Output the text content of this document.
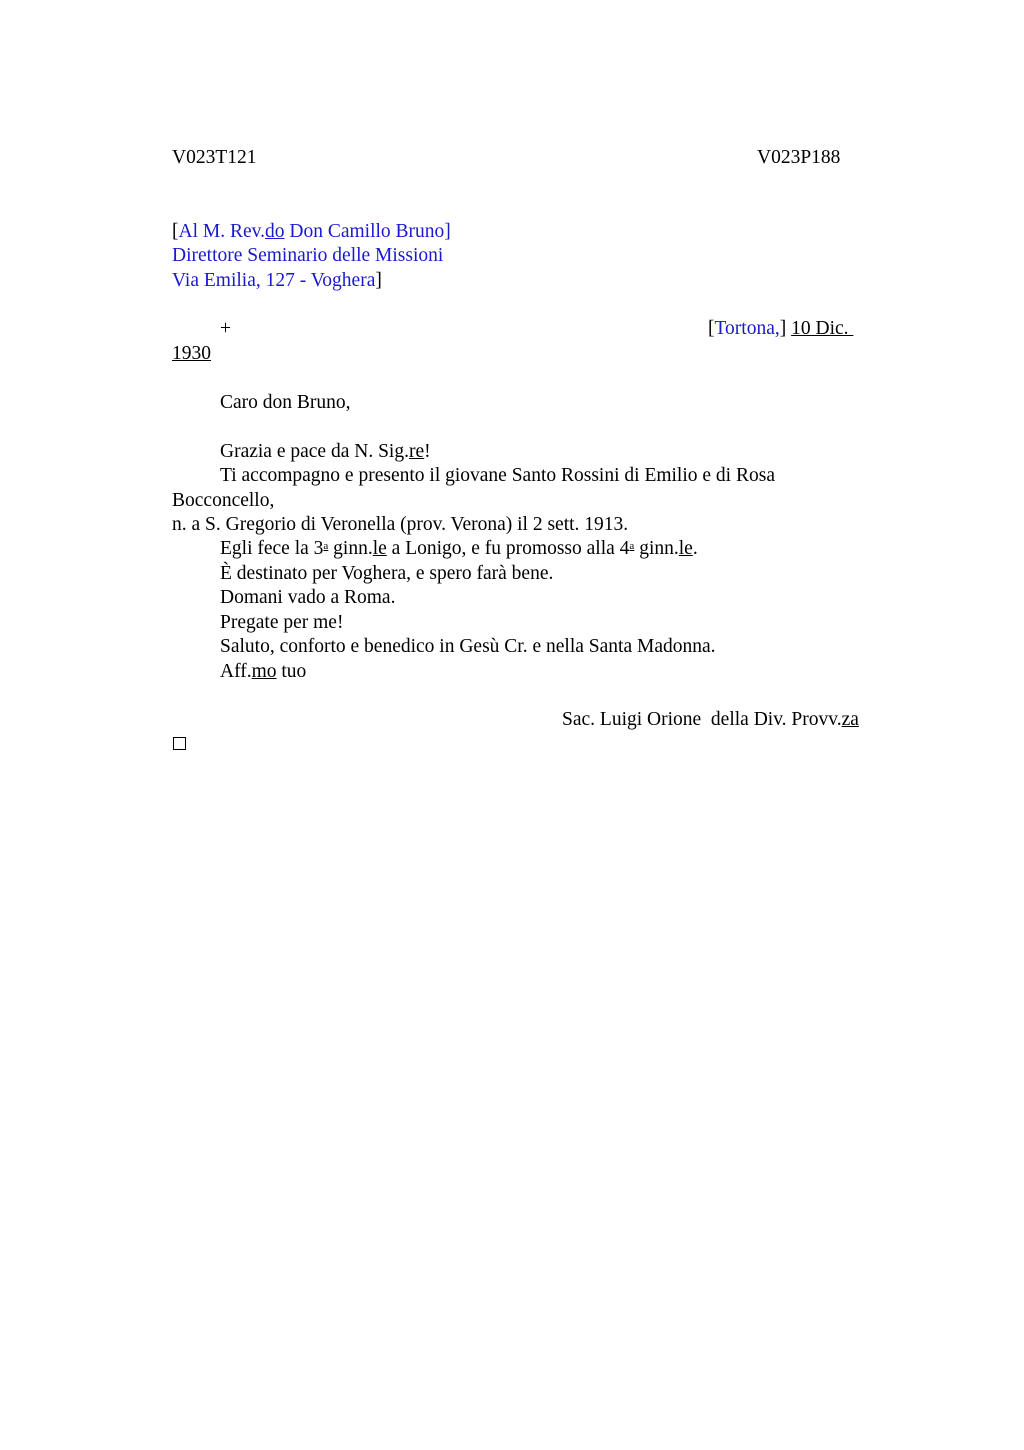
V023T121	V023P188
[Al M. Rev.do Don Camillo Bruno]
Direttore Seminario delle Missioni
Via Emilia, 127 - Voghera]
+	[Tortona,] 10 Dic.
1930
Caro don Bruno,
Grazia e pace da N. Sig.re!
Ti accompagno e presento il giovane Santo Rossini di Emilio e di Rosa
Bocconcello,
n. a S. Gregorio di Veronella (prov. Verona) il 2 sett. 1913.
Egli fece la 3$^a$ ginn.le a Lonigo, e fu promosso alla 4$^a$ ginn.le.
È destinato per Voghera, e spero farà bene.
Domani vado a Roma.
Pregate per me!
Saluto, conforto e benedico in Gesù Cr. e nella Santa Madonna.
Aff.mo tuo
Sac. Luigi Orione  della Div. Provv.za
